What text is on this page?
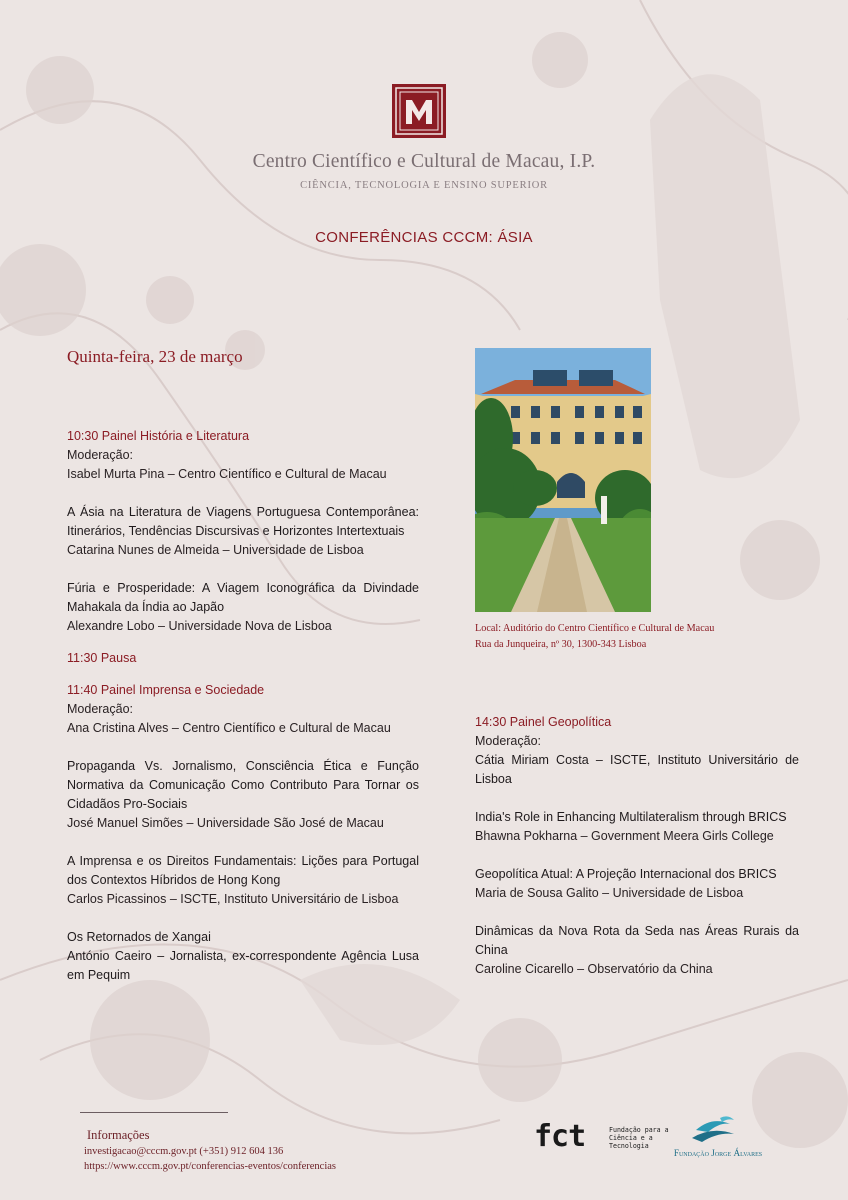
Centro Científico e Cultural de Macau, I.P.
CIÊNCIA, TECNOLOGIA E ENSINO SUPERIOR
CONFERÊNCIAS CCCM: ÁSIA
Quinta-feira, 23 de março
10:30 Painel História e Literatura
Moderação:
Isabel Murta Pina – Centro Científico e Cultural de Macau
A Ásia na Literatura de Viagens Portuguesa Contemporânea: Itinerários, Tendências Discursivas e Horizontes Intertextuais
Catarina Nunes de Almeida – Universidade de Lisboa
Fúria e Prosperidade: A Viagem Iconográfica da Divindade Mahakala da Índia ao Japão
Alexandre Lobo – Universidade Nova de Lisboa
11:30 Pausa
11:40 Painel Imprensa e Sociedade
Moderação:
Ana Cristina Alves – Centro Científico e Cultural de Macau
Propaganda Vs. Jornalismo, Consciência Ética e Função Normativa da Comunicação Como Contributo Para Tornar os Cidadãos Pro-Sociais
José Manuel Simões – Universidade São José de Macau
A Imprensa e os Direitos Fundamentais: Lições para Portugal dos Contextos Híbridos de Hong Kong
Carlos Picassinos – ISCTE, Instituto Universitário de Lisboa
Os Retornados de Xangai
António Caeiro – Jornalista, ex-correspondente Agência Lusa em Pequim
Local: Auditório do Centro Científico e Cultural de Macau
Rua da Junqueira, nº 30, 1300-343 Lisboa
14:30 Painel Geopolítica
Moderação:
Cátia Miriam Costa – ISCTE, Instituto Universitário de Lisboa
India's Role in Enhancing Multilateralism through BRICS
Bhawna Pokharna – Government Meera Girls College
Geopolítica Atual: A Projeção Internacional dos BRICS
Maria de Sousa Galito – Universidade de Lisboa
Dinâmicas da Nova Rota da Seda nas Áreas Rurais da China
Caroline Cicarello – Observatório da China
Informações
investigacao@cccm.gov.pt (+351) 912 604 136
https://www.cccm.gov.pt/conferencias-eventos/conferencias
fct	Fundação para a Ciência e a Tecnologia
Fundação Jorge Álvares
